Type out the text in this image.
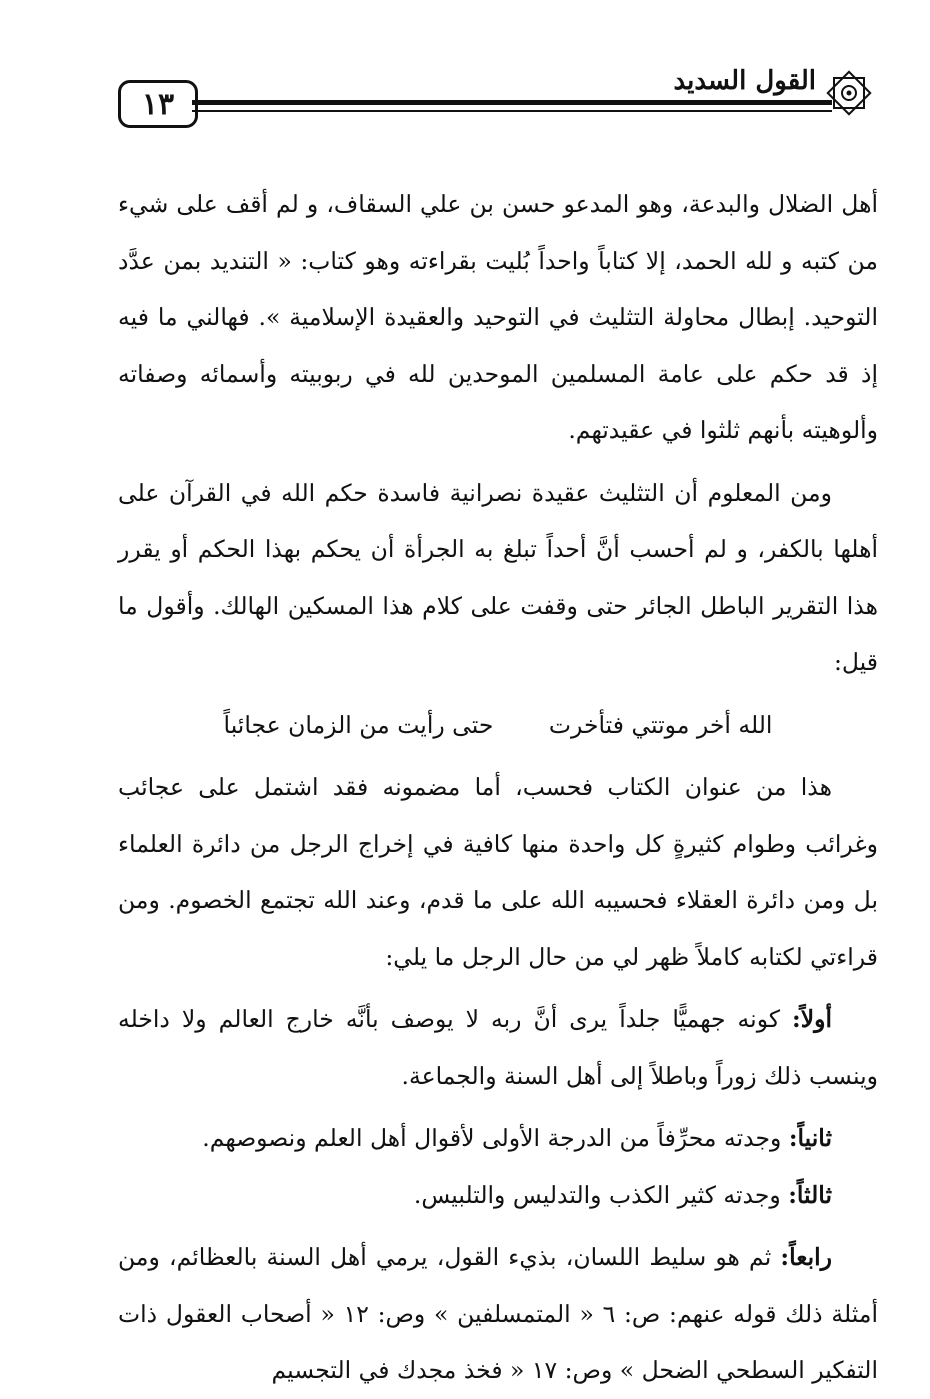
١٣
القول السديد

أهل الضلال والبدعة، وهو المدعو حسن بن علي السقاف، و لم أقف على شيء من كتبه و لله الحمد، إلا كتاباً واحداً بُليت بقراءته وهو كتاب: « التنديد بمن عدَّد التوحيد. إبطال محاولة التثليث في التوحيد والعقيدة الإسلامية ». فهالني ما فيه إذ قد حكم على عامة المسلمين الموحدين لله في ربوبيته وأسمائه وصفاته وألوهيته بأنهم ثلثوا في عقيدتهم.

ومن المعلوم أن التثليث عقيدة نصرانية فاسدة حكم الله في القرآن على أهلها بالكفر، و لم أحسب أنَّ أحداً تبلغ به الجرأة أن يحكم بهذا الحكم أو يقرر هذا التقرير الباطل الجائر حتى وقفت على كلام هذا المسكين الهالك. وأقول ما قيل:

الله أخر موتتي فتأخرت حتى رأيت من الزمان عجائباً

هذا من عنوان الكتاب فحسب، أما مضمونه فقد اشتمل على عجائب وغرائب وطوام كثيرةٍ كل واحدة منها كافية في إخراج الرجل من دائرة العلماء بل ومن دائرة العقلاء فحسيبه الله على ما قدم، وعند الله تجتمع الخصوم. ومن قراءتي لكتابه كاملاً ظهر لي من حال الرجل ما يلي:

أولاً: كونه جهميًّا جلداً يرى أنَّ ربه لا يوصف بأنَّه خارج العالم ولا داخله وينسب ذلك زوراً وباطلاً إلى أهل السنة والجماعة.

ثانياً: وجدته محرِّفاً من الدرجة الأولى لأقوال أهل العلم ونصوصهم.

ثالثاً: وجدته كثير الكذب والتدليس والتلبيس.

رابعاً: ثم هو سليط اللسان، بذيء القول، يرمي أهل السنة بالعظائم، ومن أمثلة ذلك قوله عنهم: ص: ٦ « المتمسلفين » وص: ١٢ « أصحاب العقول ذات التفكير السطحي الضحل » وص: ١٧ « فخذ مجدك في التجسيم
